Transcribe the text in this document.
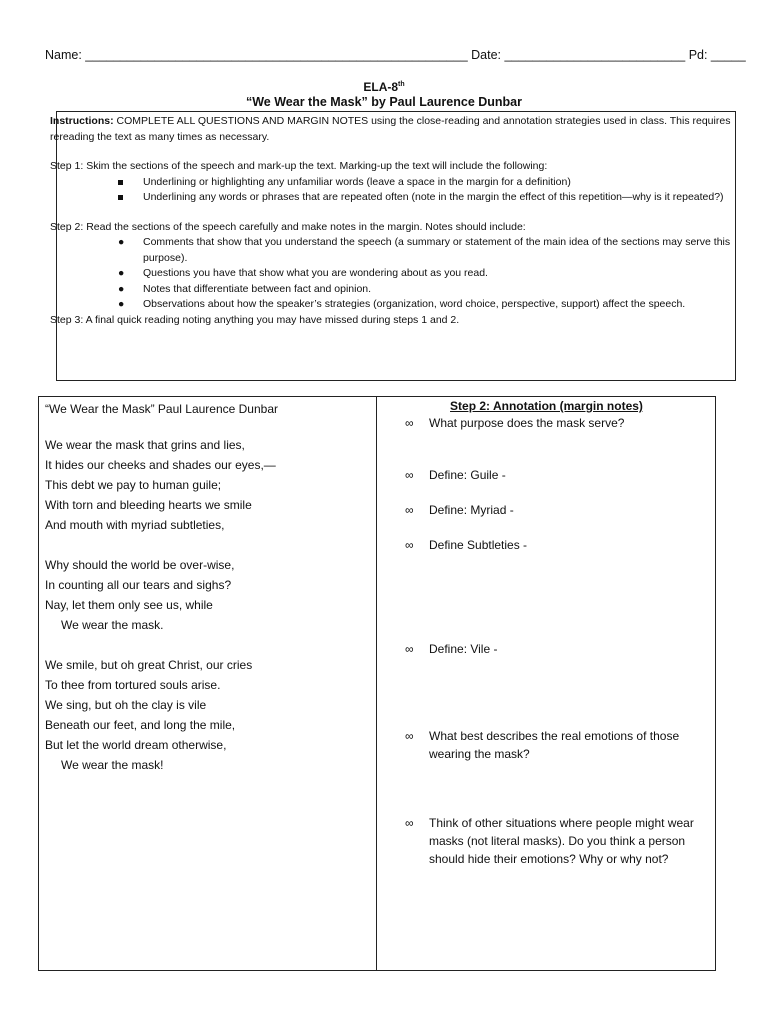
Name: _______________________________________________________ Date: __________________________ Pd: _____
ELA-8th
“We Wear the Mask” by Paul Laurence Dunbar

Instructions: COMPLETE ALL QUESTIONS AND MARGIN NOTES using the close-reading and annotation strategies used in class. This requires rereading the text as many times as necessary.

Step 1: Skim the sections of the speech and mark-up the text. Marking-up the text will include the following:

Underlining or highlighting any unfamiliar words (leave a space in the margin for a definition)
Underlining any words or phrases that are repeated often (note in the margin the effect of this repetition—why is it repeated?)

Step 2: Read the sections of the speech carefully and make notes in the margin. Notes should include:

● Comments that show that you understand the speech (a summary or statement of the main idea of the sections may serve this purpose).
● Questions you have that show what you are wondering about as you read.
● Notes that differentiate between fact and opinion.
● Observations about how the speaker’s strategies (organization, word choice, perspective, support) affect the speech.

Step 3: A final quick reading noting anything you may have missed during steps 1 and 2.

“We Wear the Mask” Paul Laurence Dunbar
We wear the mask that grins and lies,
It hides our cheeks and shades our eyes,—
This debt we pay to human guile;
With torn and bleeding hearts we smile
And mouth with myriad subtleties,
Why should the world be over-wise,
In counting all our tears and sighs?
Nay, let them only see us, while
We wear the mask.
We smile, but oh great Christ, our cries
To thee from tortured souls arise.
We sing, but oh the clay is vile
Beneath our feet, and long the mile,
But let the world dream otherwise,
We wear the mask!
Step 2: Annotation (margin notes)
∞	What purpose does the mask serve?
∞	Define: Guile -
∞	Define: Myriad -
∞	Define Subtleties -
∞	Define: Vile -
∞	What best describes the real emotions of those wearing the mask?
∞	Think of other situations where people might wear masks (not literal masks). Do you think a person should hide their emotions? Why or why not?
